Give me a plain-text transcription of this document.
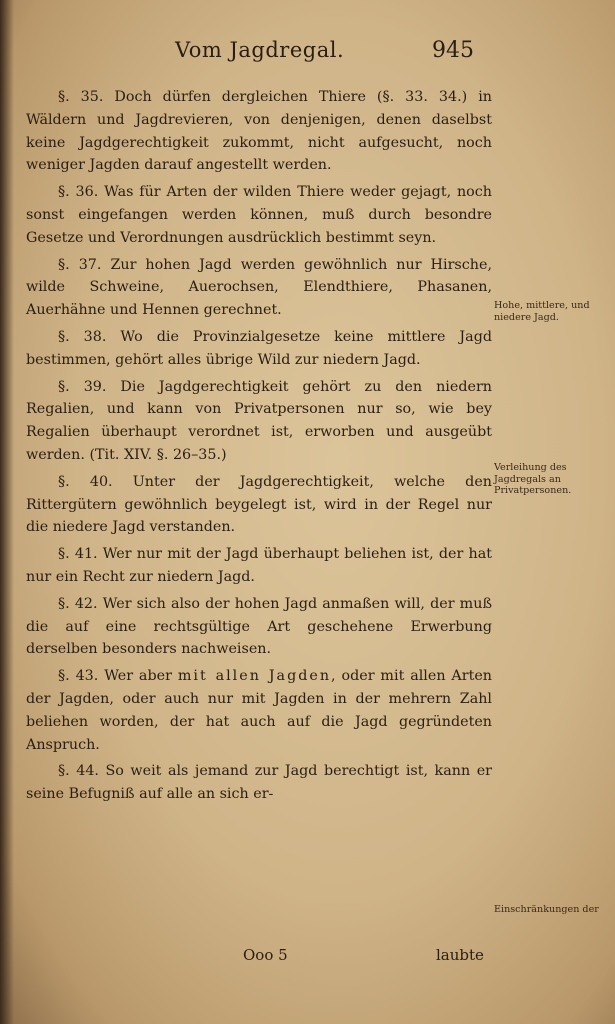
Vom Jagdregal.	945

§. 35. Doch dürfen dergleichen Thiere (§. 33. 34.) in Wäldern und Jagdrevieren, von denjenigen, denen daselbst keine Jagdgerechtigkeit zukommt, nicht aufgesucht, noch weniger Jagden darauf angestellt werden.

§. 36. Was für Arten der wilden Thiere weder gejagt, noch sonst eingefangen werden können, muß durch besondre Gesetze und Verordnungen ausdrücklich bestimmt seyn.

§. 37. Zur hohen Jagd werden gewöhnlich nur Hirsche, wilde Schweine, Auerochsen, Elendthiere, Phasanen, Auerhähne und Hennen gerechnet.

§. 38. Wo die Provinzialgesetze keine mittlere Jagd bestimmen, gehört alles übrige Wild zur niedern Jagd.

§. 39. Die Jagdgerechtigkeit gehört zu den niedern Regalien, und kann von Privatpersonen nur so, wie bey Regalien überhaupt verordnet ist, erworben und ausgeübt werden. (Tit. XIV. §. 26–35.)

§. 40. Unter der Jagdgerechtigkeit, welche den Rittergütern gewöhnlich beygelegt ist, wird in der Regel nur die niedere Jagd verstanden.

§. 41. Wer nur mit der Jagd überhaupt beliehen ist, der hat nur ein Recht zur niedern Jagd.

§. 42. Wer sich also der hohen Jagd anmaßen will, der muß die auf eine rechtsgültige Art geschehene Erwerbung derselben besonders nachweisen.

§. 43. Wer aber mit allen Jagden, oder mit allen Arten der Jagden, oder auch nur mit Jagden in der mehrern Zahl beliehen worden, der hat auch auf die Jagd gegründeten Anspruch.

§. 44. So weit als jemand zur Jagd berechtigt ist, kann er seine Befugniß auf alle an sich er-

Hohe, mittlere, und niedere Jagd.
Verleihung des Jagdregals an Privatpersonen.
Einschränkungen der
Ooo 5	laubte
